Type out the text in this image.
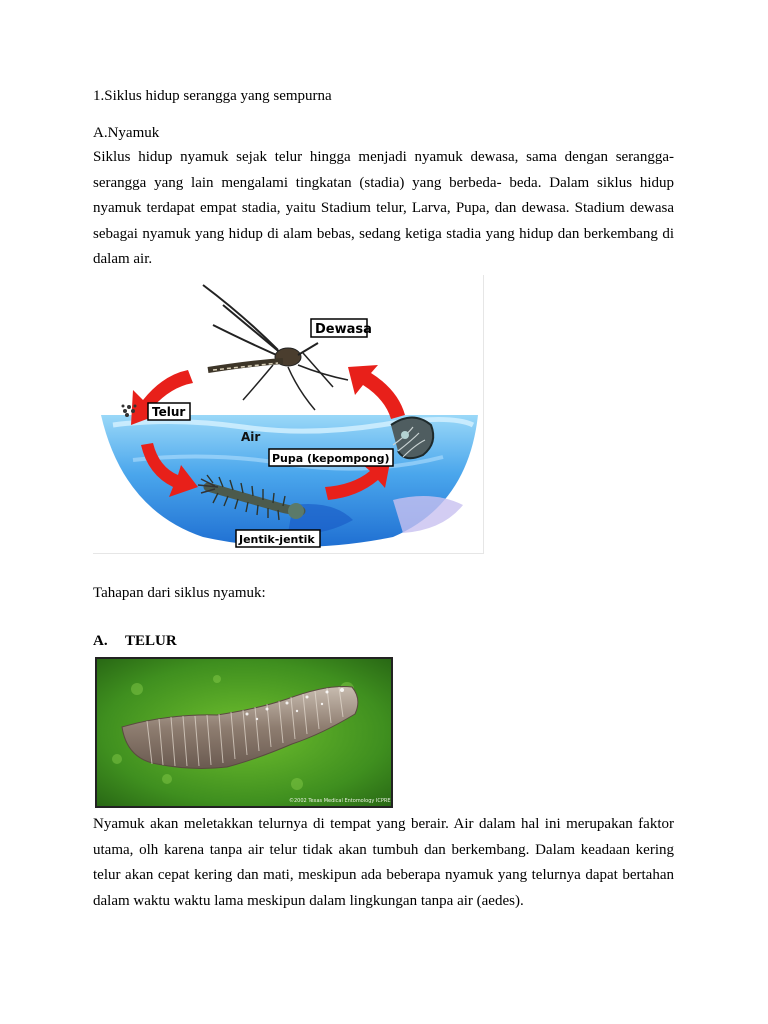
1.Siklus hidup serangga yang sempurna
A.Nyamuk

Siklus hidup nyamuk sejak telur hingga menjadi nyamuk dewasa, sama dengan serangga-serangga yang lain mengalami tingkatan (stadia) yang berbeda- beda. Dalam siklus hidup nyamuk terdapat empat stadia, yaitu Stadium telur, Larva, Pupa, dan dewasa. Stadium dewasa sebagai nyamuk yang hidup di alam bebas, sedang ketiga stadia yang hidup dan berkembang di dalam air.

Dewasa
Telur
Air
Pupa (kepompong)
Jentik-jentik
Tahapan dari siklus nyamuk:
A. TELUR
©2002 Texas Medical Entomology ICPRE

Nyamuk akan meletakkan telurnya di tempat yang berair. Air dalam hal ini merupakan faktor utama, olh karena tanpa air telur tidak akan tumbuh dan berkembang. Dalam keadaan kering telur akan cepat kering dan mati, meskipun ada beberapa nyamuk yang telurnya dapat bertahan dalam waktu waktu lama meskipun dalam lingkungan tanpa air (aedes).
